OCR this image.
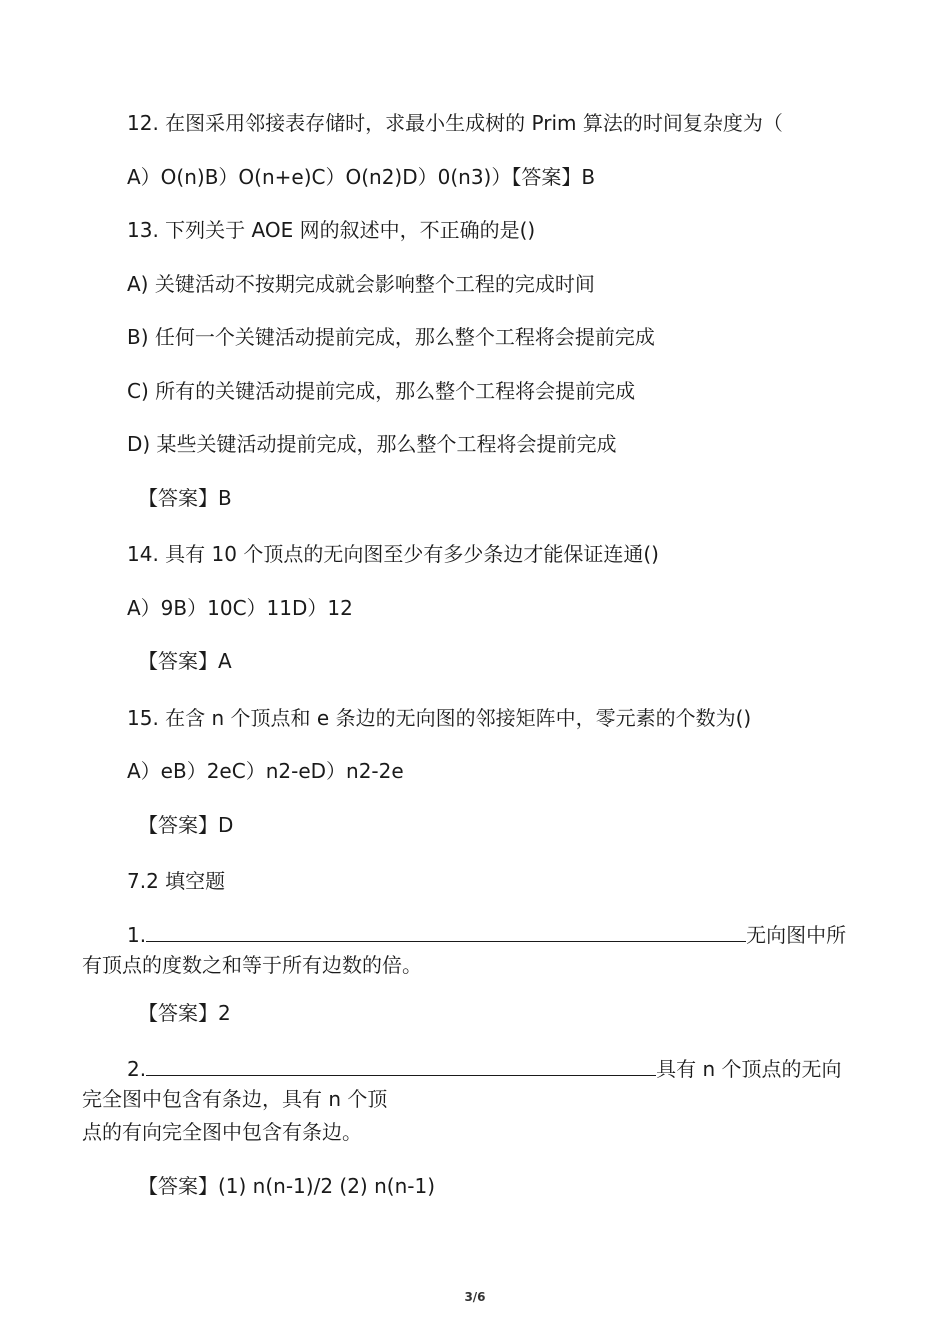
12. 在图采用邻接表存储时，求最小生成树的 Prim 算法的时间复杂度为（

A）O(n)B）O(n+e)C）O(n2)D）0(n3)）【答案】B

13. 下列关于 AOE 网的叙述中，不正确的是()

A) 关键活动不按期完成就会影响整个工程的完成时间

B) 任何一个关键活动提前完成，那么整个工程将会提前完成

C) 所有的关键活动提前完成，那么整个工程将会提前完成

D) 某些关键活动提前完成，那么整个工程将会提前完成

【答案】B

14. 具有 10 个顶点的无向图至少有多少条边才能保证连通()

A）9B）10C）11D）12

【答案】A

15. 在含 n 个顶点和 e 条边的无向图的邻接矩阵中，零元素的个数为()

A）eB）2eC）n2-eD）n2-2e

【答案】D

7.2 填空题

1.	无向图中所

有顶点的度数之和等于所有边数的倍。

【答案】2

2.	具有 n 个顶点的无向

完全图中包含有条边，具有 n 个顶

点的有向完全图中包含有条边。

【答案】(1) n(n-1)/2 (2) n(n-1)

3/6
